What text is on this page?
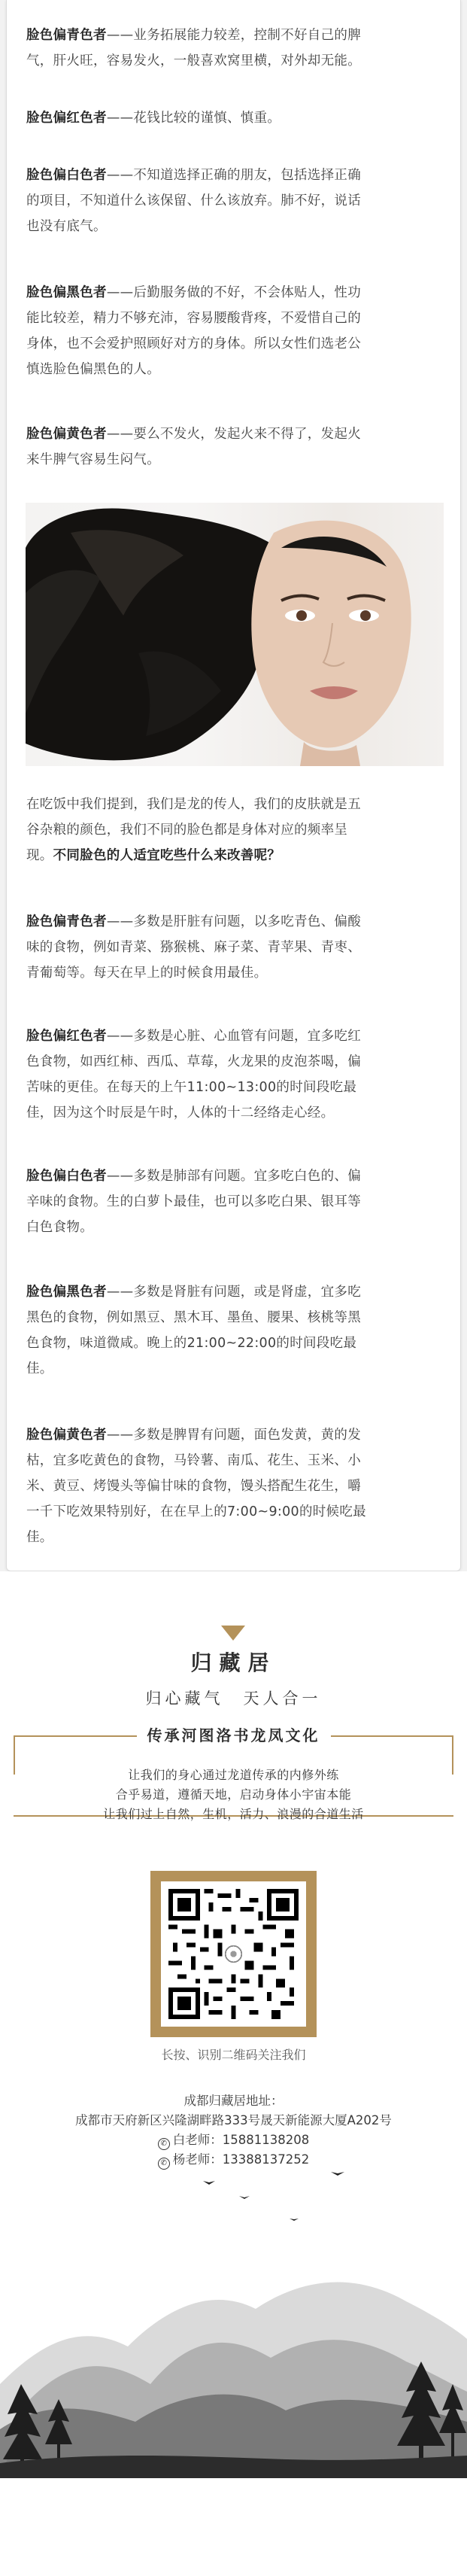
脸色偏青色者——业务拓展能力较差，控制不好自己的脾
气，肝火旺，容易发火，一般喜欢窝里横，对外却无能。
脸色偏红色者——花钱比较的谨慎、慎重。
脸色偏白色者——不知道选择正确的朋友，包括选择正确
的项目，不知道什么该保留、什么该放弃。肺不好，说话
也没有底气。
脸色偏黑色者——后勤服务做的不好，不会体贴人，性功
能比较差，精力不够充沛，容易腰酸背疼，不爱惜自己的
身体，也不会爱护照顾好对方的身体。所以女性们选老公
慎选脸色偏黑色的人。
脸色偏黄色者——要么不发火，发起火来不得了，发起火
来牛脾气容易生闷气。
在吃饭中我们提到，我们是龙的传人，我们的皮肤就是五
谷杂粮的颜色，我们不同的脸色都是身体对应的频率呈
现。不同脸色的人适宜吃些什么来改善呢？
脸色偏青色者——多数是肝脏有问题，以多吃青色、偏酸
味的食物，例如青菜、猕猴桃、麻子菜、青苹果、青枣、
青葡萄等。每天在早上的时候食用最佳。
脸色偏红色者——多数是心脏、心血管有问题，宜多吃红
色食物，如西红柿、西瓜、草莓，火龙果的皮泡茶喝，偏
苦味的更佳。在每天的上午11:00~13:00的时间段吃最
佳，因为这个时辰是午时，人体的十二经络走心经。
脸色偏白色者——多数是肺部有问题。宜多吃白色的、偏
辛味的食物。生的白萝卜最佳，也可以多吃白果、银耳等
白色食物。
脸色偏黑色者——多数是肾脏有问题，或是肾虚，宜多吃
黑色的食物，例如黑豆、黑木耳、墨鱼、腰果、核桃等黑
色食物，味道微咸。晚上的21:00~22:00的时间段吃最
佳。
脸色偏黄色者——多数是脾胃有问题，面色发黄，黄的发
枯，宜多吃黄色的食物，马铃薯、南瓜、花生、玉米、小
米、黄豆、烤馒头等偏甘味的食物，馒头搭配生花生，嚼
一千下吃效果特别好，在在早上的7:00~9:00的时候吃最
佳。
归藏居
归心藏气　天人合一
传承河图洛书龙凤文化
让我们的身心通过龙道传承的内修外练
合乎易道，遵循天地，启动身体小宇宙本能
让我们过上自然，生机，活力、浪漫的合道生活
长按、识别二维码关注我们
成都归藏居地址：
成都市天府新区兴隆湖畔路333号晟天新能源大厦A202号
✆ 白老师：15881138208
✆ 杨老师：13388137252
